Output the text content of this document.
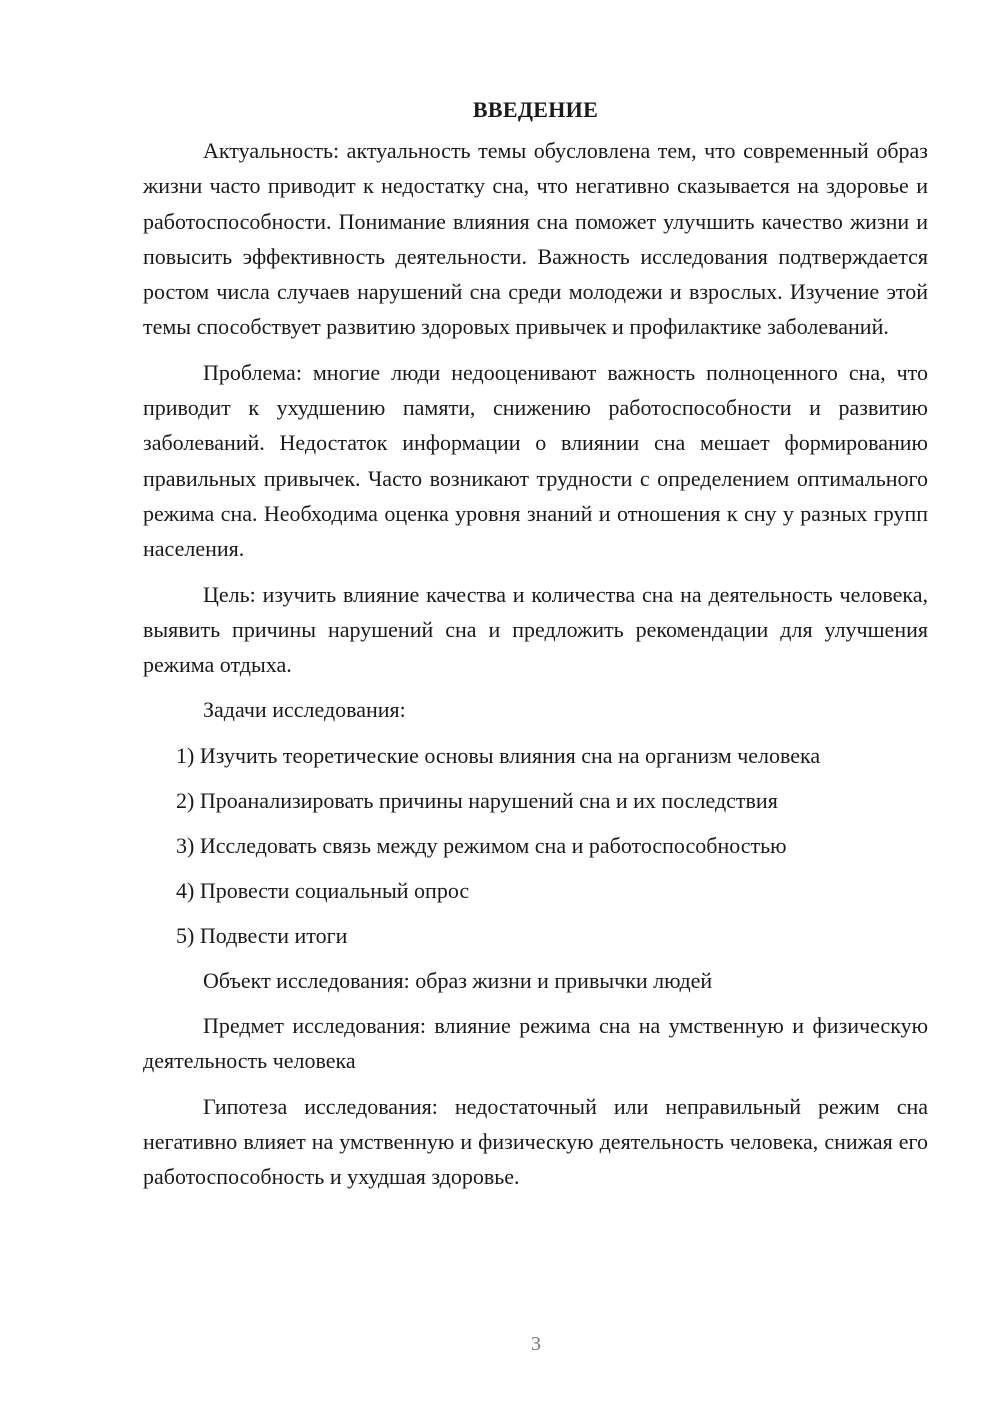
ВВЕДЕНИЕ

Актуальность: актуальность темы обусловлена тем, что современный образ жизни часто приводит к недостатку сна, что негативно сказывается на здоровье и работоспособности. Понимание влияния сна поможет улучшить качество жизни и повысить эффективность деятельности. Важность исследования подтверждается ростом числа случаев нарушений сна среди молодежи и взрослых. Изучение этой темы способствует развитию здоровых привычек и профилактике заболеваний.

Проблема: многие люди недооценивают важность полноценного сна, что приводит к ухудшению памяти, снижению работоспособности и развитию заболеваний. Недостаток информации о влиянии сна мешает формированию правильных привычек. Часто возникают трудности с определением оптимального режима сна. Необходима оценка уровня знаний и отношения к сну у разных групп населения.

Цель: изучить влияние качества и количества сна на деятельность человека, выявить причины нарушений сна и предложить рекомендации для улучшения режима отдыха.

Задачи исследования:

1) Изучить теоретические основы влияния сна на организм человека
2) Проанализировать причины нарушений сна и их последствия
3) Исследовать связь между режимом сна и работоспособностью
4) Провести социальный опрос
5) Подвести итоги

Объект исследования: образ жизни и привычки людей

Предмет исследования: влияние режима сна на умственную и физическую деятельность человека

Гипотеза исследования: недостаточный или неправильный режим сна негативно влияет на умственную и физическую деятельность человека, снижая его работоспособность и ухудшая здоровье.

3
